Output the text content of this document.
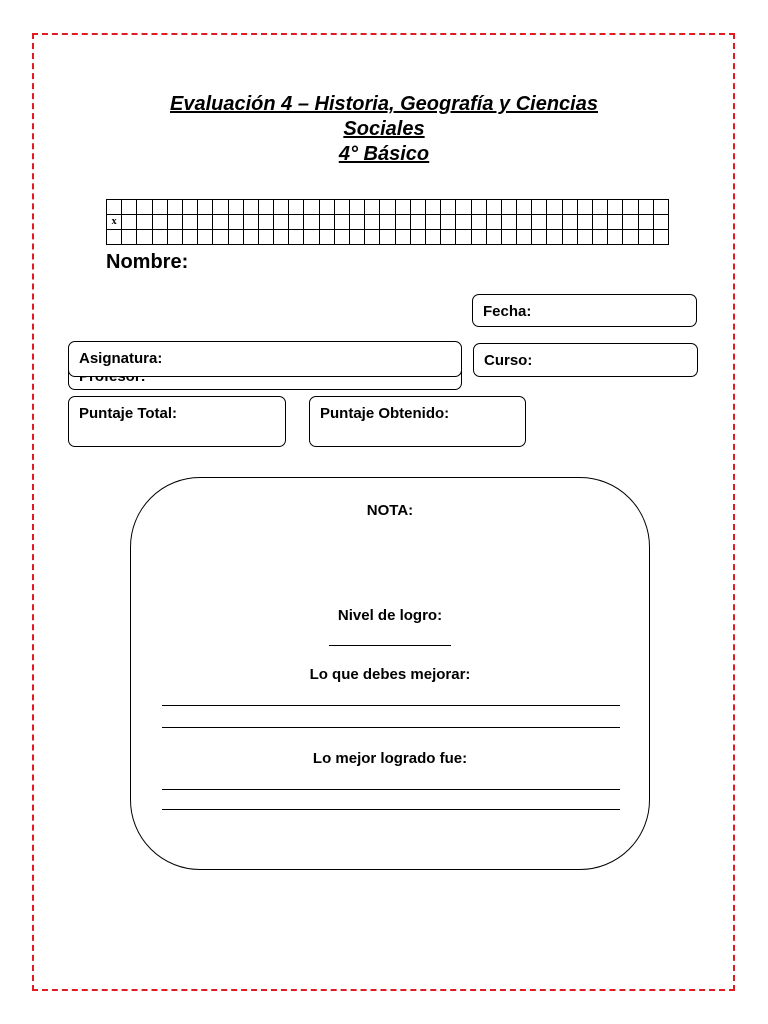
Evaluación 4 – Historia, Geografía y Ciencias
Sociales
4° Básico

x																																				

Nombre:
Fecha:
Asignatura:	Curso:
Puntaje Total:	Puntaje Obtenido:
NOTA:
Nivel de logro:
Lo que debes mejorar:
Lo mejor logrado fue:
